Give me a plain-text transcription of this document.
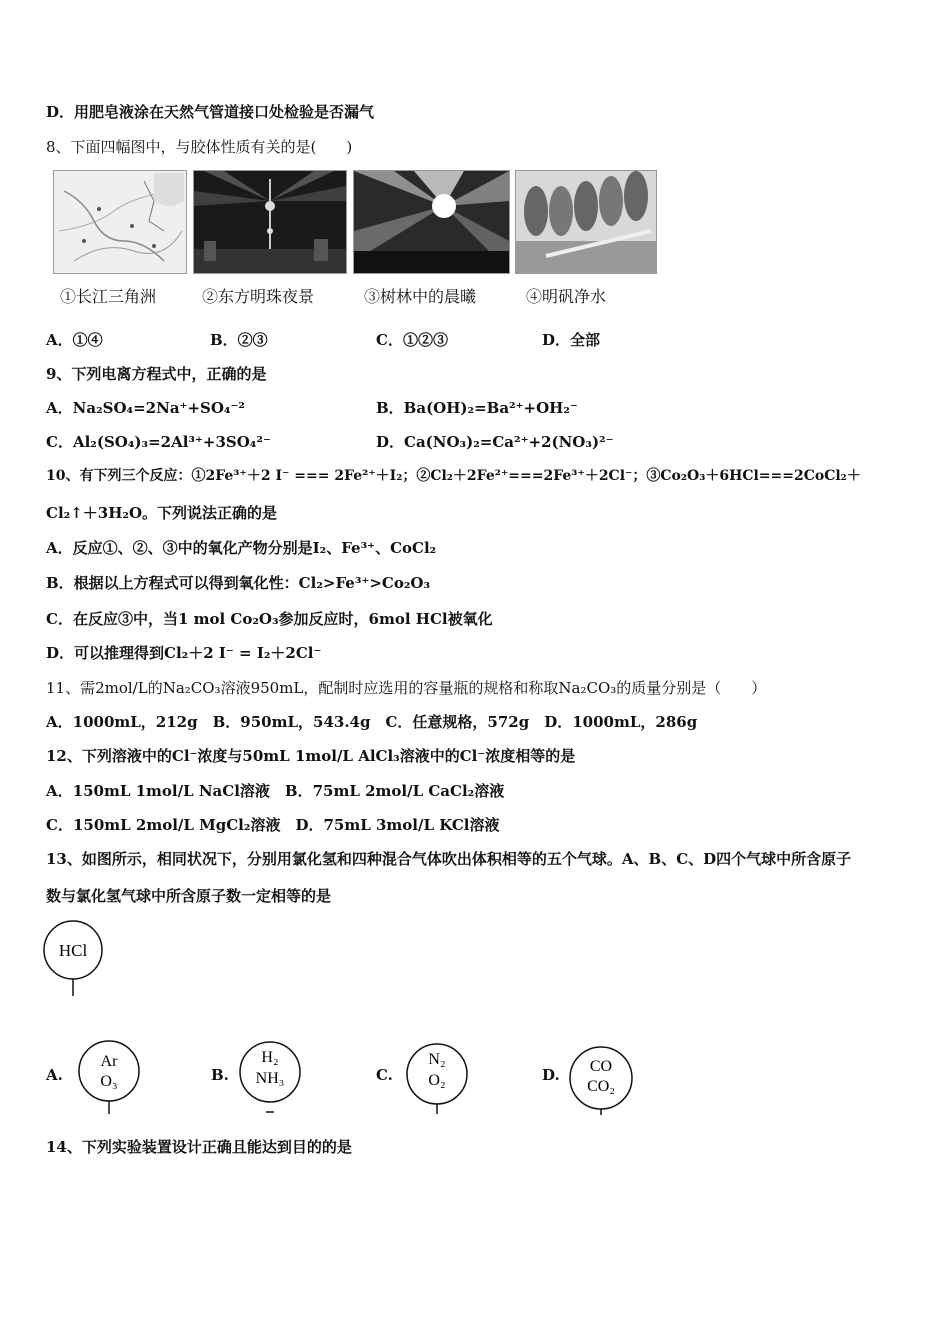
D．用肥皂液涂在天然气管道接口处检验是否漏气
8、下面四幅图中，与胶体性质有关的是(　　)
①长江三角洲	②东方明珠夜景	③树林中的晨曦	④明矾净水
A．①④	B．②③	C．①②③	D．全部
9、下列电离方程式中，正确的是
A．Na₂SO₄=2Na⁺+SO₄⁻²	B．Ba(OH)₂=Ba²⁺+OH₂⁻
C．Al₂(SO₄)₃=2Al³⁺+3SO₄²⁻	D．Ca(NO₃)₂=Ca²⁺+2(NO₃)²⁻
10、有下列三个反应：①2Fe³⁺＋2 I⁻ === 2Fe²⁺＋I₂；②Cl₂＋2Fe²⁺===2Fe³⁺＋2Cl⁻；③Co₂O₃＋6HCl===2CoCl₂＋
Cl₂↑＋3H₂O。下列说法正确的是
A．反应①、②、③中的氧化产物分别是I₂、Fe³⁺、CoCl₂
B．根据以上方程式可以得到氧化性：Cl₂>Fe³⁺>Co₂O₃
C．在反应③中，当1 mol Co₂O₃参加反应时，6mol HCl被氧化
D．可以推理得到Cl₂＋2 I⁻ = I₂＋2Cl⁻
11、需2mol/L的Na₂CO₃溶液950mL，配制时应选用的容量瓶的规格和称取Na₂CO₃的质量分别是（　　）
A．1000mL，212g　B．950mL，543.4g　C．任意规格，572g　D．1000mL，286g
12、下列溶液中的Cl⁻浓度与50mL 1mol/L AlCl₃溶液中的Cl⁻浓度相等的是
A．150mL 1mol/L NaCl溶液　B．75mL 2mol/L CaCl₂溶液
C．150mL 2mol/L MgCl₂溶液　D．75mL 3mol/L KCl溶液
13、如图所示，相同状况下，分别用氯化氢和四种混合气体吹出体积相等的五个气球。A、B、C、D四个气球中所含原子
数与氯化氢气球中所含原子数一定相等的是
HCl
A.
Ar
O₃	B.
H₂
NH₃	C.
N₂
O₂	D. CO
CO₂
14、下列实验装置设计正确且能达到目的的是
